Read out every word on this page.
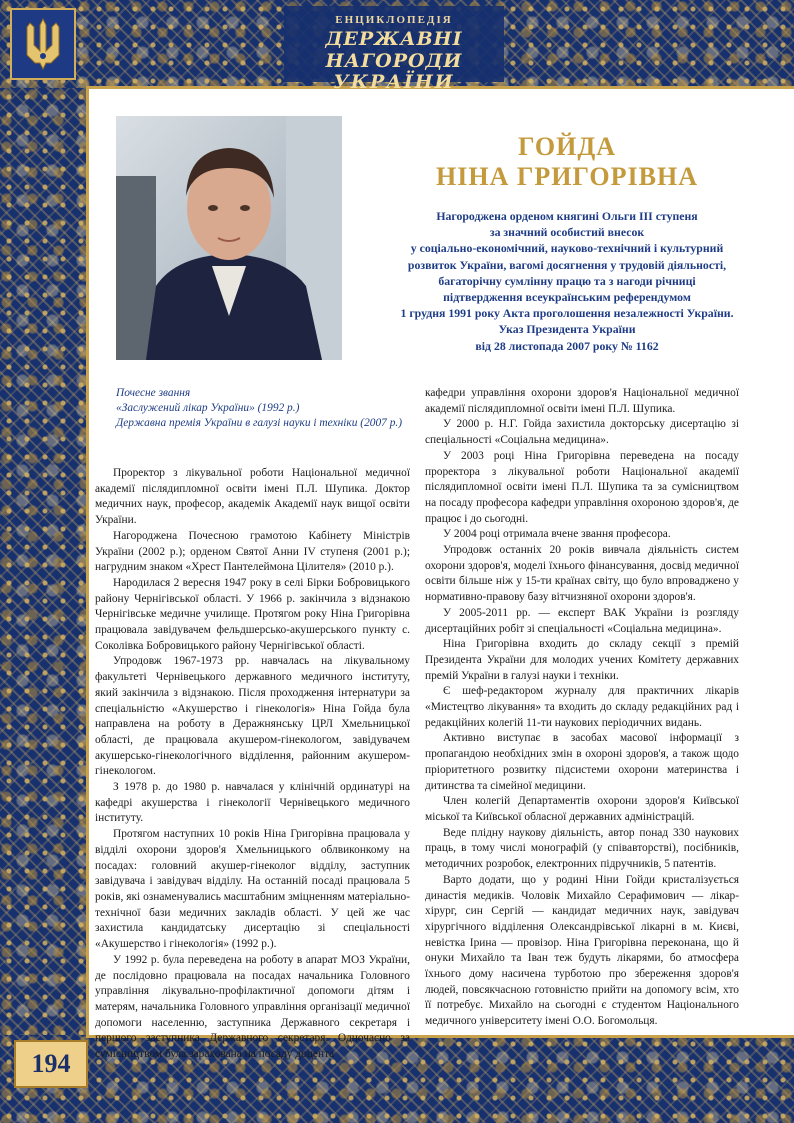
ЕНЦИКЛОПЕДІЯ
ДЕРЖАВНІ НАГОРОДИ
УКРАЇНИ
ГОЙДА
НІНА ГРИГОРІВНА
Нагороджена орденом княгині Ольги ІІІ ступеня
за значний особистий внесок
у соціально-економічний, науково-технічний і культурний
розвиток України, вагомі досягнення у трудовій діяльності,
багаторічну сумлінну працю та з нагоди річниці
підтвердження всеукраїнським референдумом
1 грудня 1991 року Акта проголошення незалежності України.
Указ Президента України
від 28 листопада 2007 року № 1162
Почесне звання
«Заслужений лікар України» (1992 р.)
Державна премія України в галузі науки і техніки (2007 р.)

Проректор з лікувальної роботи Національної медичної академії післядипломної освіти імені П.Л. Шупика. Доктор медичних наук, професор, академік Академії наук вищої освіти України.

Нагороджена Почесною грамотою Кабінету Міністрів України (2002 р.); орденом Святої Анни IV ступеня (2001 р.); нагрудним знаком «Хрест Пантелеймона Цілителя» (2010 р.).

Народилася 2 вересня 1947 року в селі Бірки Бобровицького району Чернігівської області. У 1966 р. закінчила з відзнакою Чернігівське медичне училище. Протягом року Ніна Григорівна працювала завідувачем фельдшерсько-акушерського пункту с. Соколівка Бобровицького району Чернігівської області.

Упродовж 1967-1973 рр. навчалась на лікувальному факультеті Чернівецького державного медичного інституту, який закінчила з відзнакою. Після проходження інтернатури за спеціальністю «Акушерство і гінекологія» Ніна Гойда була направлена на роботу в Деражнянську ЦРЛ Хмельницької області, де працювала акушером-гінекологом, завідувачем акушерсько-гінекологічного відділення, районним акушером-гінекологом.

З 1978 р. до 1980 р. навчалася у клінічній ординатурі на кафедрі акушерства і гінекології Чернівецького медичного інституту.

Протягом наступних 10 років Ніна Григорівна працювала у відділі охорони здоров'я Хмельницького облвиконкому на посадах: головний акушер-гінеколог відділу, заступник завідувача і завідувач відділу. На останній посаді працювала 5 років, які ознаменувались масштабним зміцненням матеріально-технічної бази медичних закладів області. У цей же час захистила кандидатську дисертацію зі спеціальності «Акушерство і гінекологія» (1992 р.).

У 1992 р. була переведена на роботу в апарат МОЗ України, де послідовно працювала на посадах начальника Головного управління лікувально-профілактичної допомоги дітям і матерям, начальника Головного управління організації медичної допомоги населенню, заступника Державного секретаря і першого заступника Державного секретаря. Одночасно за сумісництвом була зарахована на посаду доцента

кафедри управління охорони здоров'я Національної медичної академії післядипломної освіти імені П.Л. Шупика.

У 2000 р. Н.Г. Гойда захистила докторську дисертацію зі спеціальності «Соціальна медицина».

У 2003 році Ніна Григорівна переведена на посаду проректора з лікувальної роботи Національної академії післядипломної освіти імені П.Л. Шупика та за сумісництвом на посаду професора кафедри управління охороною здоров'я, де працює і до сьогодні.

У 2004 році отримала вчене звання професора.

Упродовж останніх 20 років вивчала діяльність систем охорони здоров'я, моделі їхнього фінансування, досвід медичної освіти більше ніж у 15-ти країнах світу, що було впроваджено у нормативно-правову базу вітчизняної охорони здоров'я.

У 2005-2011 рр. — експерт ВАК України із розгляду дисертаційних робіт зі спеціальності «Соціальна медицина».

Ніна Григорівна входить до складу секції з премій Президента України для молодих учених Комітету державних премій України в галузі науки і техніки.

Є шеф-редактором журналу для практичних лікарів «Мистецтво лікування» та входить до складу редакційних рад і редакційних колегій 11-ти наукових періодичних видань.

Активно виступає в засобах масової інформації з пропагандою необхідних змін в охороні здоров'я, а також щодо пріоритетного розвитку підсистеми охорони материнства і дитинства та сімейної медицини.

Член колегій Департаментів охорони здоров'я Київської міської та Київської обласної державних адміністрацій.

Веде плідну наукову діяльність, автор понад 330 наукових праць, в тому числі монографій (у співавторстві), посібників, методичних розробок, електронних підручників, 5 патентів.

Варто додати, що у родині Ніни Гойди кристалізується династія медиків. Чоловік Михайло Серафимович — лікар-хірург, син Сергій — кандидат медичних наук, завідувач хірургічного відділення Олександрівської лікарні в м. Києві, невістка Ірина — провізор. Ніна Григорівна переконана, що й онуки Михайло та Іван теж будуть лікарями, бо атмосфера їхнього дому насичена турботою про збереження здоров'я людей, повсякчасною готовністю прийти на допомогу всім, хто її потребує. Михайло на сьогодні є студентом Національного медичного університету імені О.О. Богомольця.

194
